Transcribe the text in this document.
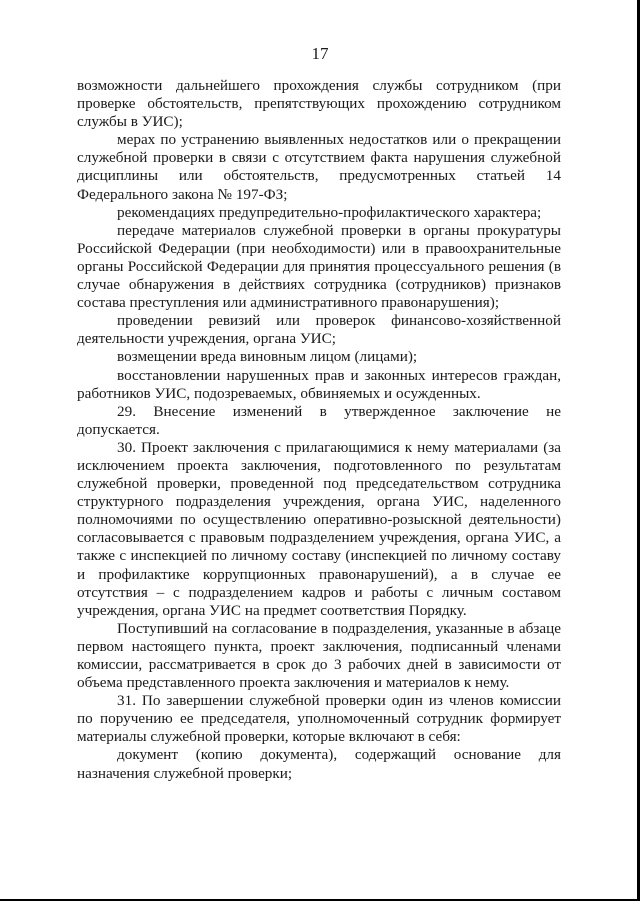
17

возможности дальнейшего прохождения службы сотрудником (при проверке обстоятельств, препятствующих прохождению сотрудником службы в УИС);

мерах по устранению выявленных недостатков или о прекращении служебной проверки в связи с отсутствием факта нарушения служебной дисциплины или обстоятельств, предусмотренных статьей 14 Федерального закона № 197-ФЗ;

рекомендациях предупредительно-профилактического характера;

передаче материалов служебной проверки в органы прокуратуры Российской Федерации (при необходимости) или в правоохранительные органы Российской Федерации для принятия процессуального решения (в случае обнаружения в действиях сотрудника (сотрудников) признаков состава преступления или административного правонарушения);

проведении ревизий или проверок финансово-хозяйственной деятельности учреждения, органа УИС;

возмещении вреда виновным лицом (лицами);

восстановлении нарушенных прав и законных интересов граждан, работников УИС, подозреваемых, обвиняемых и осужденных.

29. Внесение изменений в утвержденное заключение не допускается.

30. Проект заключения с прилагающимися к нему материалами (за исключением проекта заключения, подготовленного по результатам служебной проверки, проведенной под председательством сотрудника структурного подразделения учреждения, органа УИС, наделенного полномочиями по осуществлению оперативно-розыскной деятельности) согласовывается с правовым подразделением учреждения, органа УИС, а также с инспекцией по личному составу (инспекцией по личному составу и профилактике коррупционных правонарушений), а в случае ее отсутствия – с подразделением кадров и работы с личным составом учреждения, органа УИС на предмет соответствия Порядку.

Поступивший на согласование в подразделения, указанные в абзаце первом настоящего пункта, проект заключения, подписанный членами комиссии, рассматривается в срок до 3 рабочих дней в зависимости от объема представленного проекта заключения и материалов к нему.

31. По завершении служебной проверки один из членов комиссии по поручению ее председателя, уполномоченный сотрудник формирует материалы служебной проверки, которые включают в себя:

документ (копию документа), содержащий основание для назначения служебной проверки;
